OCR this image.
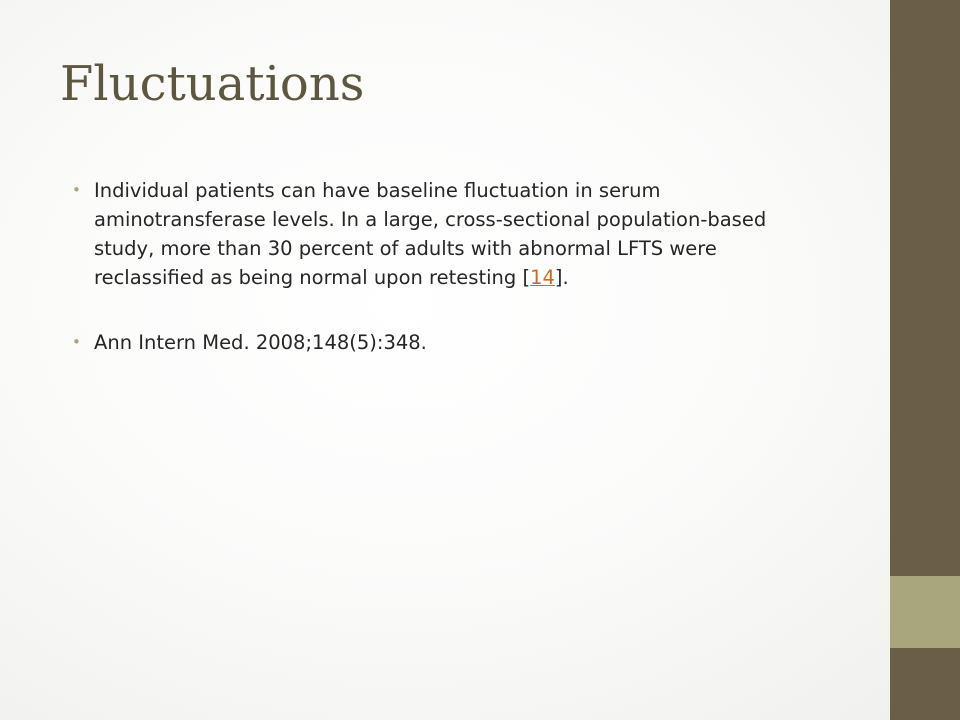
Fluctuations
• Individual patients can have baseline fluctuation in serum aminotransferase levels. In a large, cross-sectional population-based study, more than 30 percent of adults with abnormal LFTS were reclassified as being normal upon retesting [14].
• Ann Intern Med. 2008;148(5):348.
